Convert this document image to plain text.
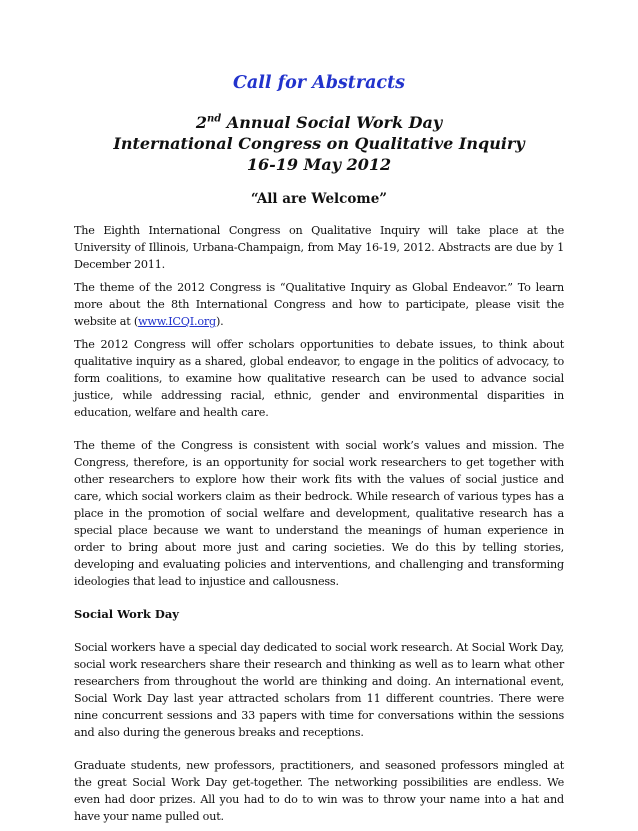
Call for Abstracts
2nd Annual Social Work Day
International Congress on Qualitative Inquiry
16-19 May 2012
“All are Welcome”

The Eighth International Congress on Qualitative Inquiry will take place at the University of Illinois, Urbana-Champaign, from May 16-19, 2012. Abstracts are due by 1 December 2011.

The theme of the 2012 Congress is “Qualitative Inquiry as Global Endeavor.” To learn more about the 8th International Congress and how to participate, please visit the website at (www.ICQI.org).

The 2012 Congress will offer scholars opportunities to debate issues, to think about qualitative inquiry as a shared, global endeavor, to engage in the politics of advocacy, to form coalitions, to examine how qualitative research can be used to advance social justice, while addressing racial, ethnic, gender and environmental disparities in education, welfare and health care.

The theme of the Congress is consistent with social work’s values and mission. The Congress, therefore, is an opportunity for social work researchers to get together with other researchers to explore how their work fits with the values of social justice and care, which social workers claim as their bedrock. While research of various types has a place in the promotion of social welfare and development, qualitative research has a special place because we want to understand the meanings of human experience in order to bring about more just and caring societies. We do this by telling stories, developing and evaluating policies and interventions, and challenging and transforming ideologies that lead to injustice and callousness.

Social Work Day

Social workers have a special day dedicated to social work research. At Social Work Day, social work researchers share their research and thinking as well as to learn what other researchers from throughout the world are thinking and doing. An international event, Social Work Day last year attracted scholars from 11 different countries. There were nine concurrent sessions and 33 papers with time for conversations within the sessions and also during the generous breaks and receptions.

Graduate students, new professors, practitioners, and seasoned professors mingled at the great Social Work Day get-together. The networking possibilities are endless. We even had door prizes. All you had to do to win was to throw your name into a hat and have your name pulled out.
